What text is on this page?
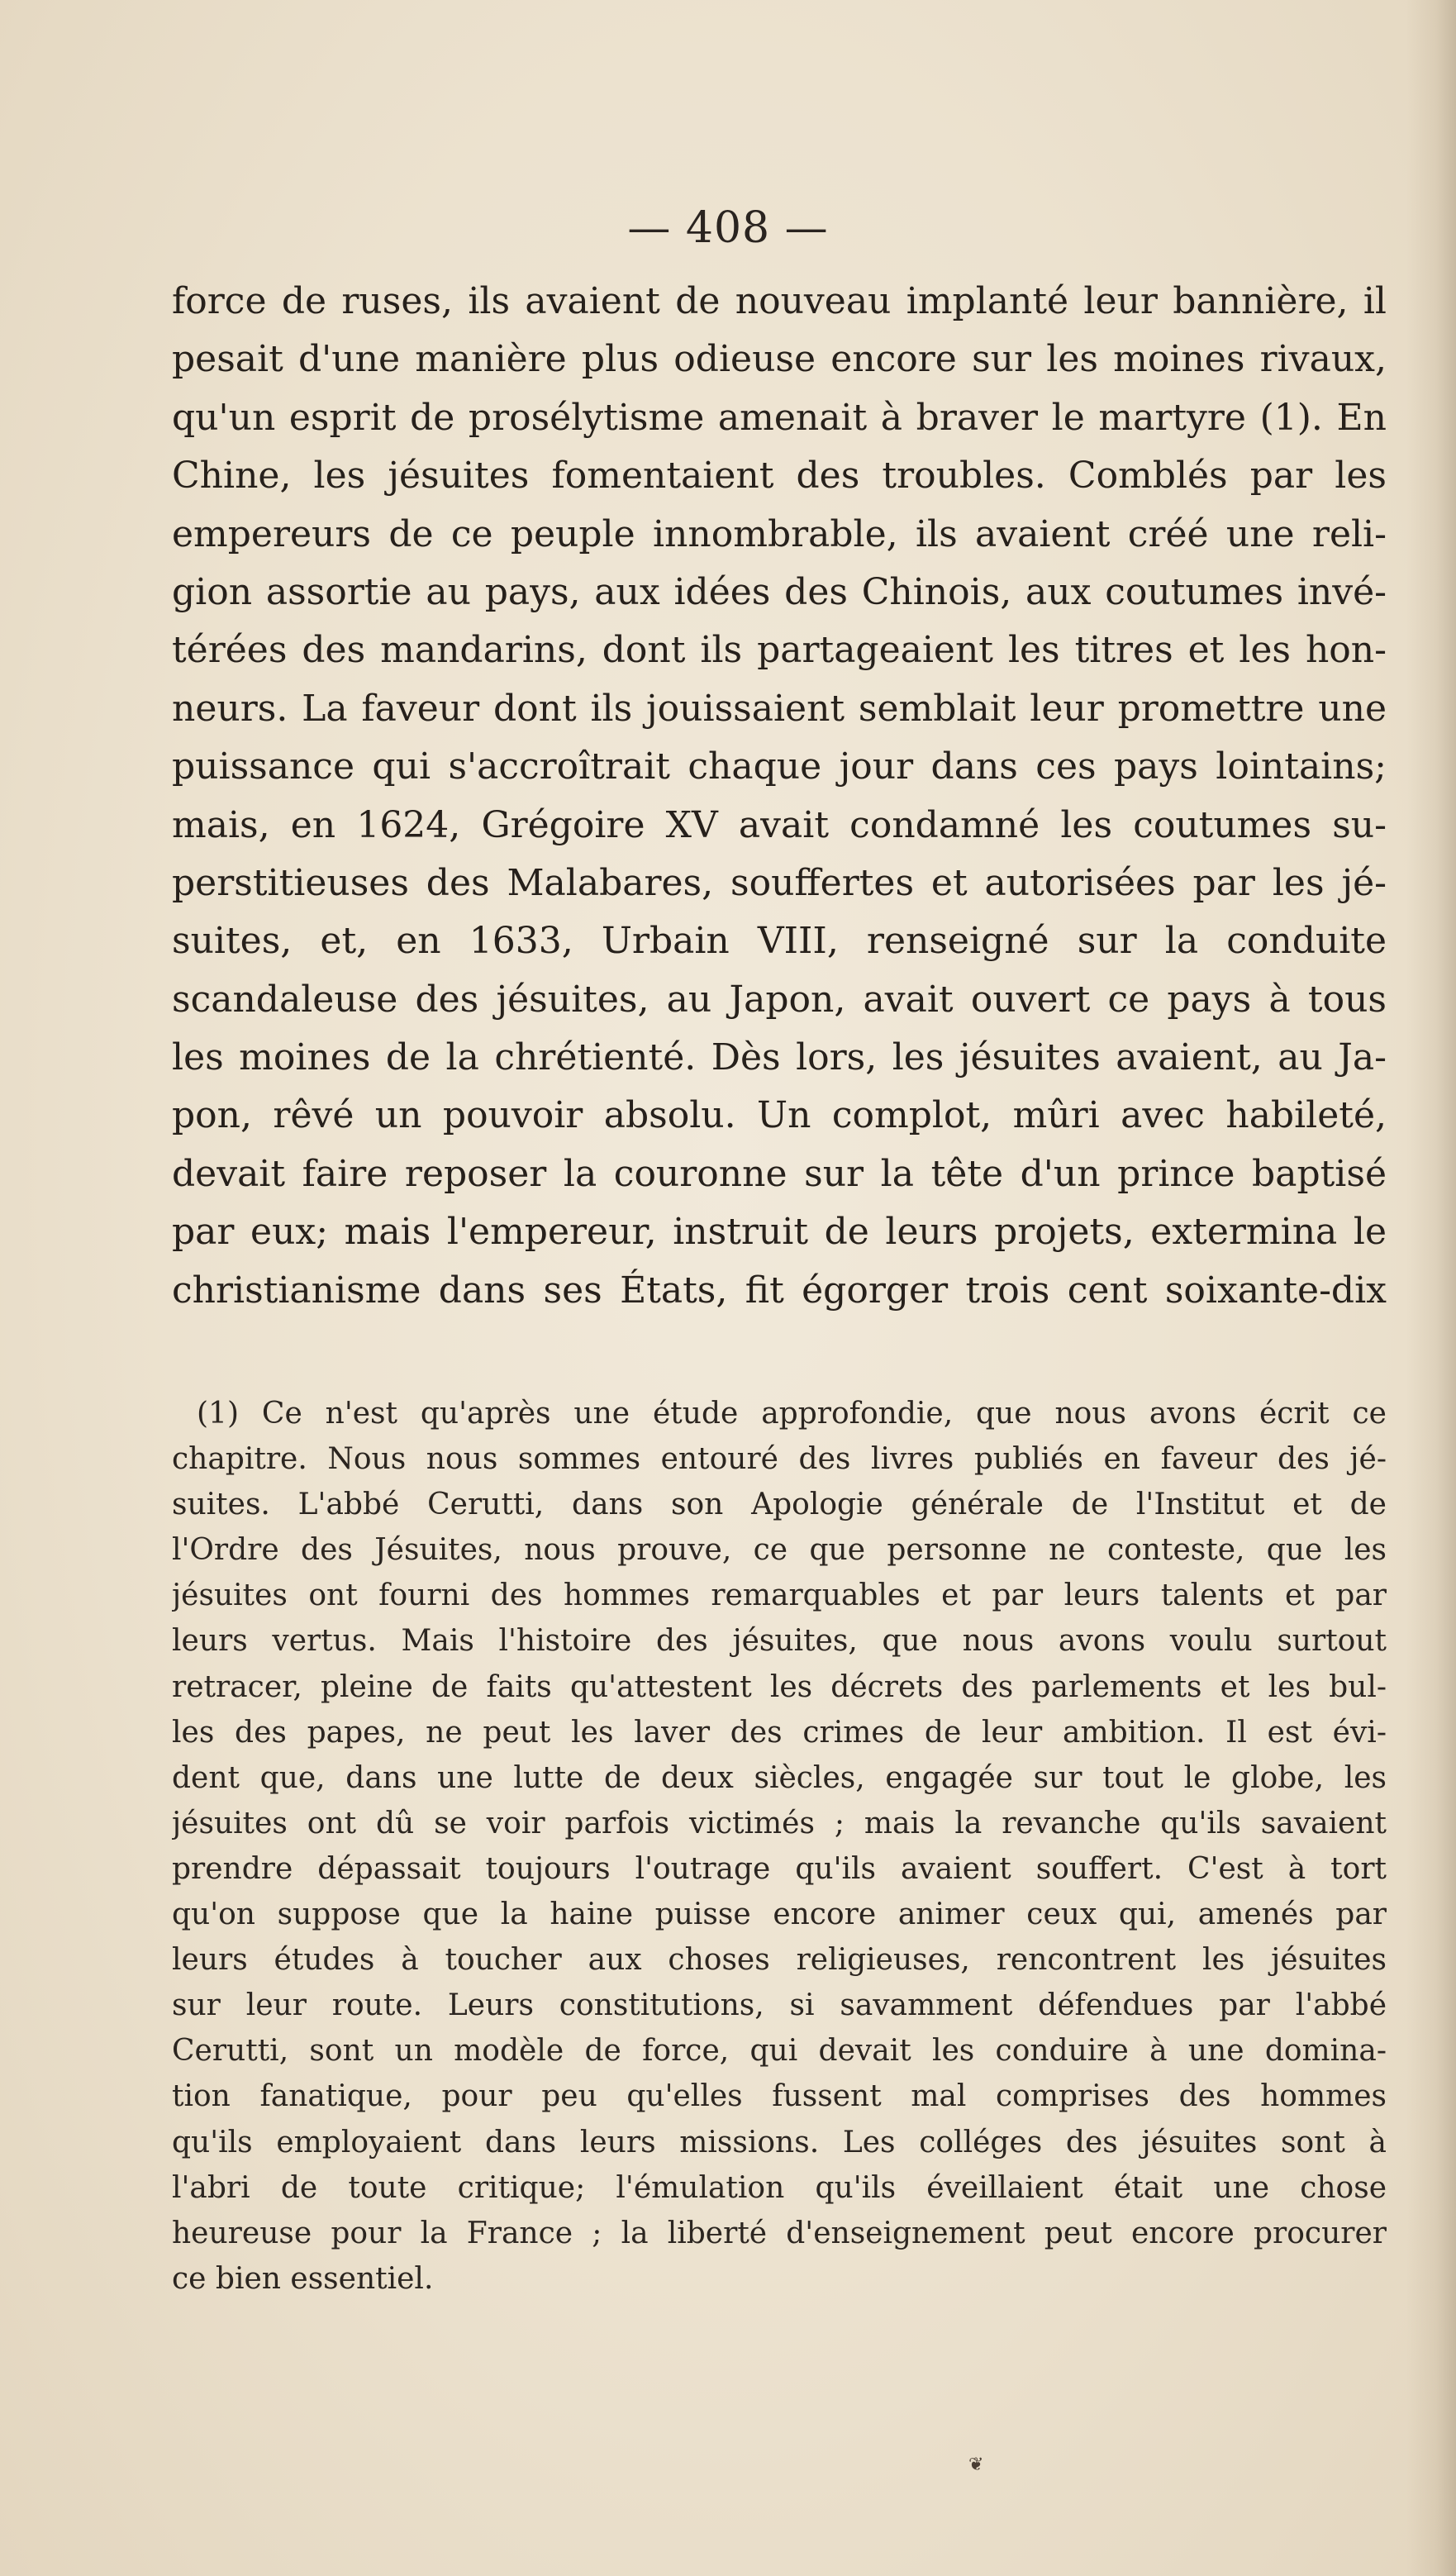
— 408 —
force de ruses, ils avaient de nouveau implanté leur bannière, il
pesait d'une manière plus odieuse encore sur les moines rivaux,
qu'un esprit de prosélytisme amenait à braver le martyre (1). En
Chine, les jésuites fomentaient des troubles. Comblés par les
empereurs de ce peuple innombrable, ils avaient créé une reli-
gion assortie au pays, aux idées des Chinois, aux coutumes invé-
térées des mandarins, dont ils partageaient les titres et les hon-
neurs. La faveur dont ils jouissaient semblait leur promettre une
puissance qui s'accroîtrait chaque jour dans ces pays lointains;
mais, en 1624, Grégoire XV avait condamné les coutumes su-
perstitieuses des Malabares, souffertes et autorisées par les jé-
suites, et, en 1633, Urbain VIII, renseigné sur la conduite
scandaleuse des jésuites, au Japon, avait ouvert ce pays à tous
les moines de la chrétienté. Dès lors, les jésuites avaient, au Ja-
pon, rêvé un pouvoir absolu. Un complot, mûri avec habileté,
devait faire reposer la couronne sur la tête d'un prince baptisé
par eux; mais l'empereur, instruit de leurs projets, extermina le
christianisme dans ses États, fit égorger trois cent soixante-dix
(1) Ce n'est qu'après une étude approfondie, que nous avons écrit ce
chapitre. Nous nous sommes entouré des livres publiés en faveur des jé-
suites. L'abbé Cerutti, dans son Apologie générale de l'Institut et de
l'Ordre des Jésuites, nous prouve, ce que personne ne conteste, que les
jésuites ont fourni des hommes remarquables et par leurs talents et par
leurs vertus. Mais l'histoire des jésuites, que nous avons voulu surtout
retracer, pleine de faits qu'attestent les décrets des parlements et les bul-
les des papes, ne peut les laver des crimes de leur ambition. Il est évi-
dent que, dans une lutte de deux siècles, engagée sur tout le globe, les
jésuites ont dû se voir parfois victimés ; mais la revanche qu'ils savaient
prendre dépassait toujours l'outrage qu'ils avaient souffert. C'est à tort
qu'on suppose que la haine puisse encore animer ceux qui, amenés par
leurs études à toucher aux choses religieuses, rencontrent les jésuites
sur leur route. Leurs constitutions, si savamment défendues par l'abbé
Cerutti, sont un modèle de force, qui devait les conduire à une domina-
tion fanatique, pour peu qu'elles fussent mal comprises des hommes
qu'ils employaient dans leurs missions. Les colléges des jésuites sont à
l'abri de toute critique; l'émulation qu'ils éveillaient était une chose
heureuse pour la France ; la liberté d'enseignement peut encore procurer
ce bien essentiel.
❦
